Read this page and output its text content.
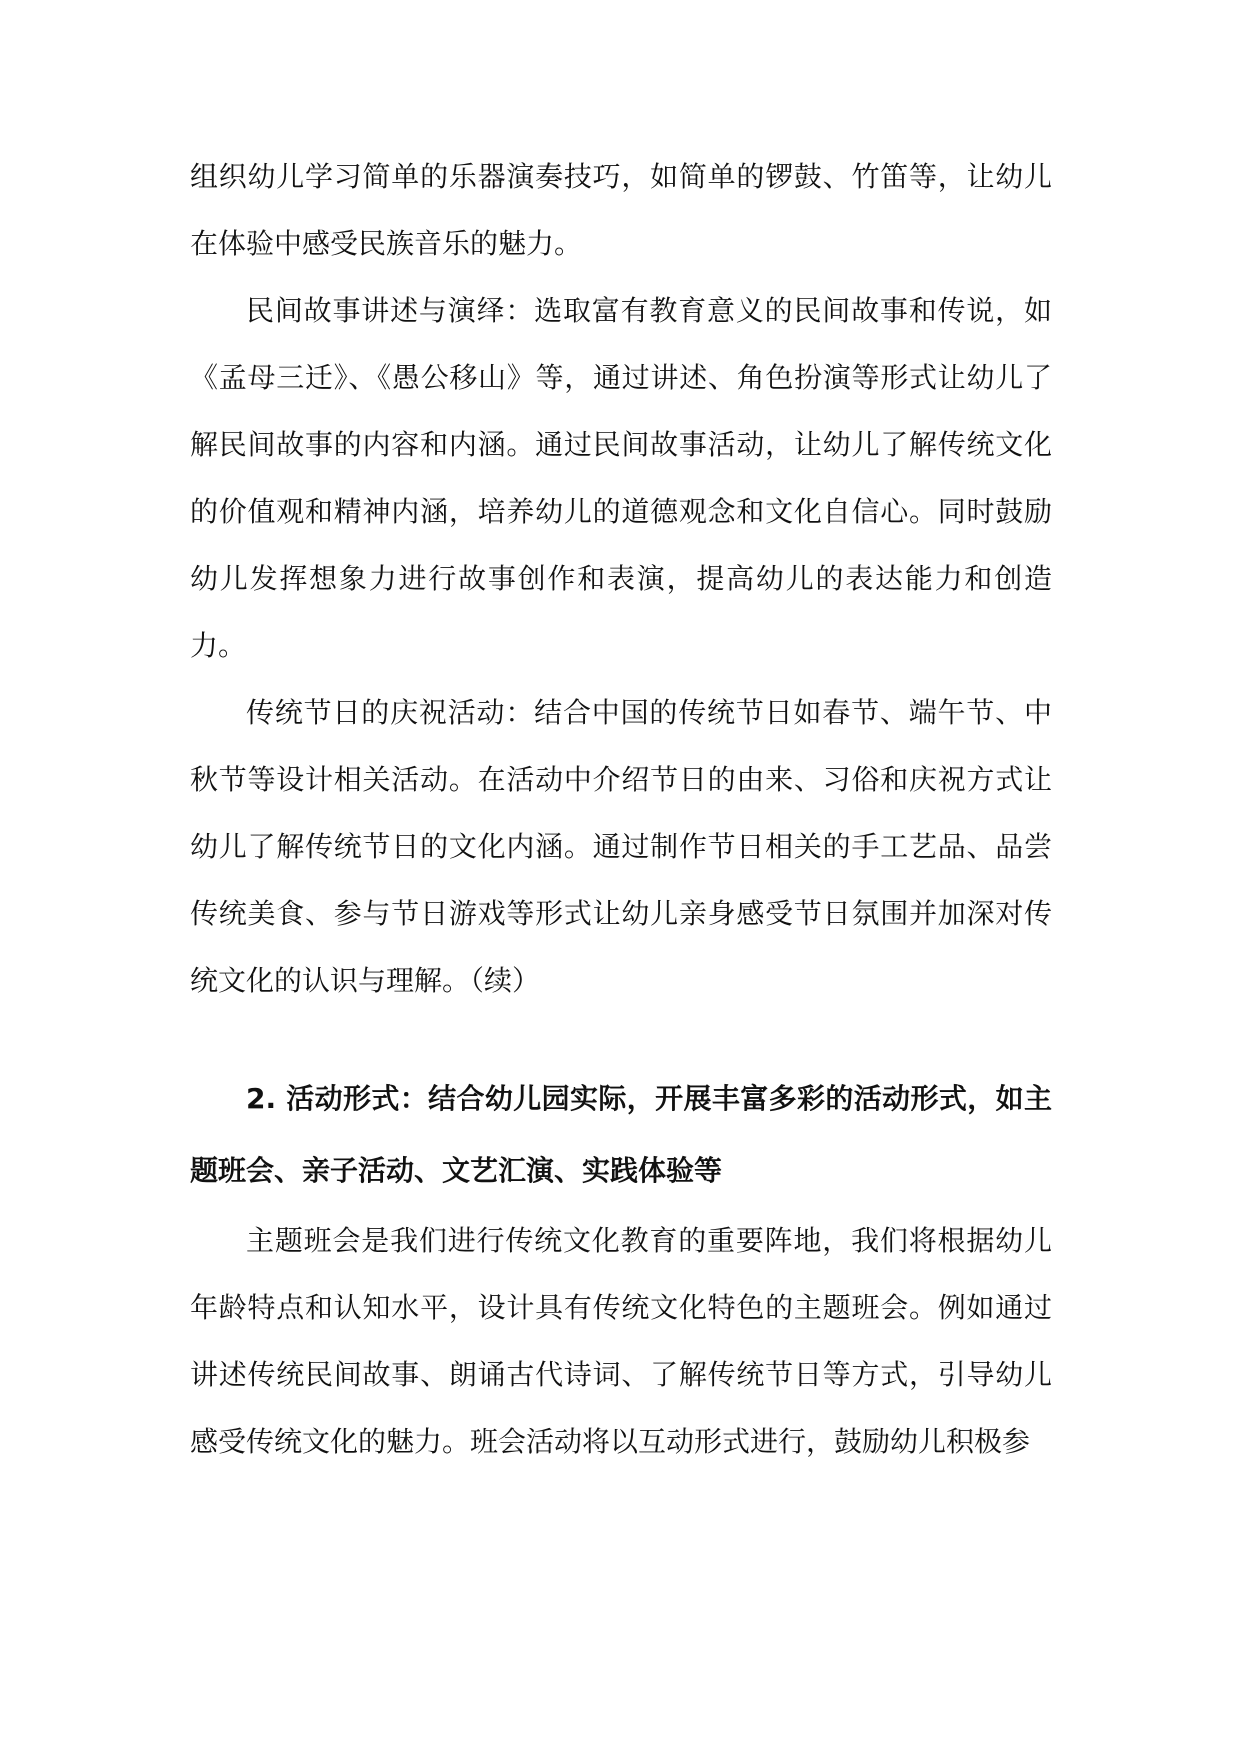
组织幼儿学习简单的乐器演奏技巧，如简单的锣鼓、竹笛等，让幼儿在体验中感受民族音乐的魅力。

民间故事讲述与演绎：选取富有教育意义的民间故事和传说，如《孟母三迁》、《愚公移山》等，通过讲述、角色扮演等形式让幼儿了解民间故事的内容和内涵。通过民间故事活动，让幼儿了解传统文化的价值观和精神内涵，培养幼儿的道德观念和文化自信心。同时鼓励幼儿发挥想象力进行故事创作和表演，提高幼儿的表达能力和创造力。

传统节日的庆祝活动：结合中国的传统节日如春节、端午节、中秋节等设计相关活动。在活动中介绍节日的由来、习俗和庆祝方式让幼儿了解传统节日的文化内涵。通过制作节日相关的手工艺品、品尝传统美食、参与节日游戏等形式让幼儿亲身感受节日氛围并加深对传统文化的认识与理解。（续）

2. 活动形式：结合幼儿园实际，开展丰富多彩的活动形式，如主题班会、亲子活动、文艺汇演、实践体验等

主题班会是我们进行传统文化教育的重要阵地，我们将根据幼儿年龄特点和认知水平，设计具有传统文化特色的主题班会。例如通过讲述传统民间故事、朗诵古代诗词、了解传统节日等方式，引导幼儿感受传统文化的魅力。班会活动将以互动形式进行，鼓励幼儿积极参
